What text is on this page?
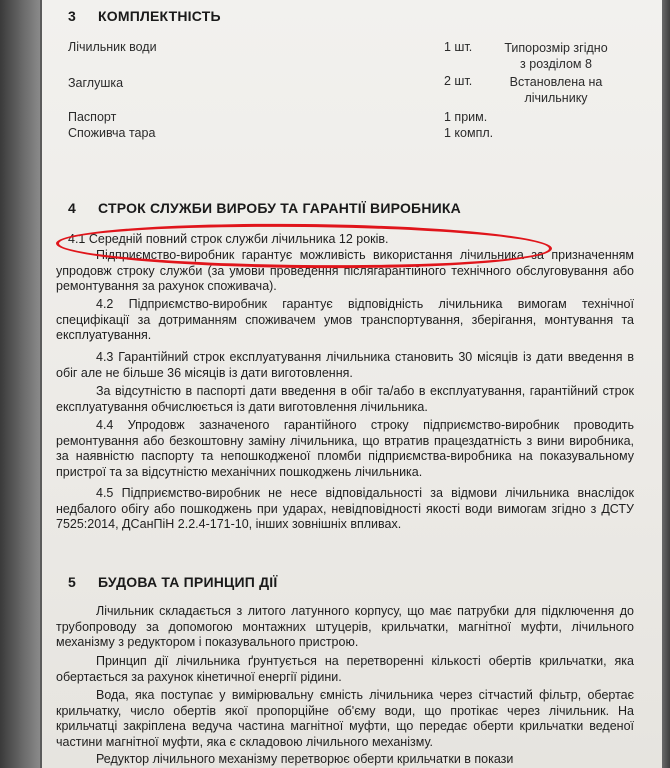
3 КОМПЛЕКТНІСТЬ
Лічильник води	1 шт.	Типорозмір згідно
з розділом 8
Заглушка	2 шт.	Встановлена на
лічильнику
Паспорт	1 прим.
Споживча тара	1 компл.
4 СТРОК СЛУЖБИ ВИРОБУ ТА ГАРАНТІЇ ВИРОБНИКА
4.1 Середній повний строк служби лічильника 12 років.
Підприємство-виробник гарантує можливість використання лічильника за призначенням упродовж строку служби (за умови проведення післягарантійного технічного обслуговування або ремонтування за рахунок споживача).
4.2 Підприємство-виробник гарантує відповідність лічильника вимогам технічної специфікації за дотриманням споживачем умов транспортування, зберігання, монтування та експлуатування.
4.3 Гарантійний строк експлуатування лічильника становить 30 місяців із дати введення в обіг але не більше 36 місяців із дати виготовлення.
За відсутністю в паспорті дати введення в обіг та/або в експлуатування, гарантійний строк експлуатування обчислюється із дати виготовлення лічильника.
4.4 Упродовж зазначеного гарантійного строку підприємство-виробник проводить ремонтування або безкоштовну заміну лічильника, що втратив працездатність з вини виробника, за наявністю паспорту та непошкодженої пломби підприємства-виробника на показувальному пристрої та за відсутністю механічних пошкоджень лічильника.
4.5 Підприємство-виробник не несе відповідальності за відмови лічильника внаслідок недбалого обігу або пошкоджень при ударах, невідповідності якості води вимогам згідно з ДСТУ 7525:2014, ДСанПіН 2.2.4-171-10, інших зовнішніх впливах.
5 БУДОВА ТА ПРИНЦИП ДІЇ
Лічильник складається з литого латунного корпусу, що має патрубки для підключення до трубопроводу за допомогою монтажних штуцерів, крильчатки, магнітної муфти, лічильного механізму з редуктором і показувального пристрою.
Принцип дії лічильника ґрунтується на перетворенні кількості обертів крильчатки, яка обертається за рахунок кінетичної енергії рідини.
Вода, яка поступає у вимірювальну ємність лічильника через сітчастий фільтр, обертає крильчатку, число обертів якої пропорційне об'єму води, що протікає через лічильник. На крильчатці закріплена ведуча частина магнітної муфти, що передає оберти крильчатки веденої частини магнітної муфти, яка є складовою лічильного механізму.
Редуктор лічильного механізму перетворює оберти крильчатки в покази
